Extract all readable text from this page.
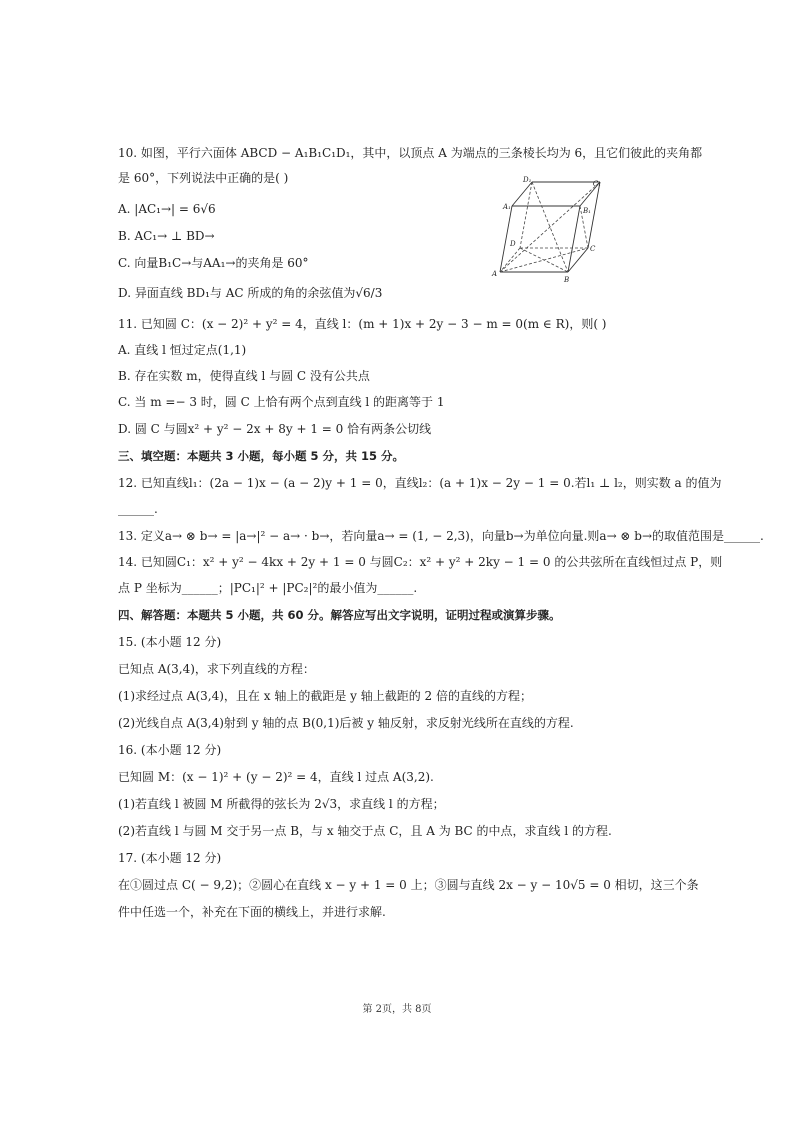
10. 如图，平行六面体 ABCD − A₁B₁C₁D₁，其中，以顶点 A 为端点的三条棱长均为 6，且它们彼此的夹角都
是 60°，下列说法中正确的是( )
A. |AC₁→| = 6√6
B. AC₁→ ⊥ BD→
C. 向量B₁C→与AA₁→的夹角是 60°
D. 异面直线 BD₁与 AC 所成的角的余弦值为√6/3
11. 已知圆 C：(x − 2)² + y² = 4，直线 l：(m + 1)x + 2y − 3 − m = 0(m ∈ R)，则( )
A. 直线 l 恒过定点(1,1)
B. 存在实数 m，使得直线 l 与圆 C 没有公共点
C. 当 m =− 3 时，圆 C 上恰有两个点到直线 l 的距离等于 1
D. 圆 C 与圆x² + y² − 2x + 8y + 1 = 0 恰有两条公切线
三、填空题：本题共 3 小题，每小题 5 分，共 15 分。
12. 已知直线l₁：(2a − 1)x − (a − 2)y + 1 = 0，直线l₂：(a + 1)x − 2y − 1 = 0.若l₁ ⊥ l₂，则实数 a 的值为
______.
13. 定义a→ ⊗ b→ = |a→|² − a→ · b→，若向量a→ = (1, − 2,3)，向量b→为单位向量.则a→ ⊗ b→的取值范围是______.
14. 已知圆C₁：x² + y² − 4kx + 2y + 1 = 0 与圆C₂：x² + y² + 2ky − 1 = 0 的公共弦所在直线恒过点 P，则
点 P 坐标为______；|PC₁|² + |PC₂|²的最小值为______.
四、解答题：本题共 5 小题，共 60 分。解答应写出文字说明，证明过程或演算步骤。
15. (本小题 12 分)
已知点 A(3,4)，求下列直线的方程：
(1)求经过点 A(3,4)，且在 x 轴上的截距是 y 轴上截距的 2 倍的直线的方程；
(2)光线自点 A(3,4)射到 y 轴的点 B(0,1)后被 y 轴反射，求反射光线所在直线的方程.
16. (本小题 12 分)
已知圆 M：(x − 1)² + (y − 2)² = 4，直线 l 过点 A(3,2).
(1)若直线 l 被圆 M 所截得的弦长为 2√3，求直线 l 的方程；
(2)若直线 l 与圆 M 交于另一点 B，与 x 轴交于点 C，且 A 为 BC 的中点，求直线 l 的方程.
17. (本小题 12 分)
在①圆过点 C( − 9,2)；②圆心在直线 x − y + 1 = 0 上；③圆与直线 2x − y − 10√5 = 0 相切，这三个条
件中任选一个，补充在下面的横线上，并进行求解.
D₁	C₁
A₁	B₁
D
C
A
B
第 2页，共 8页
